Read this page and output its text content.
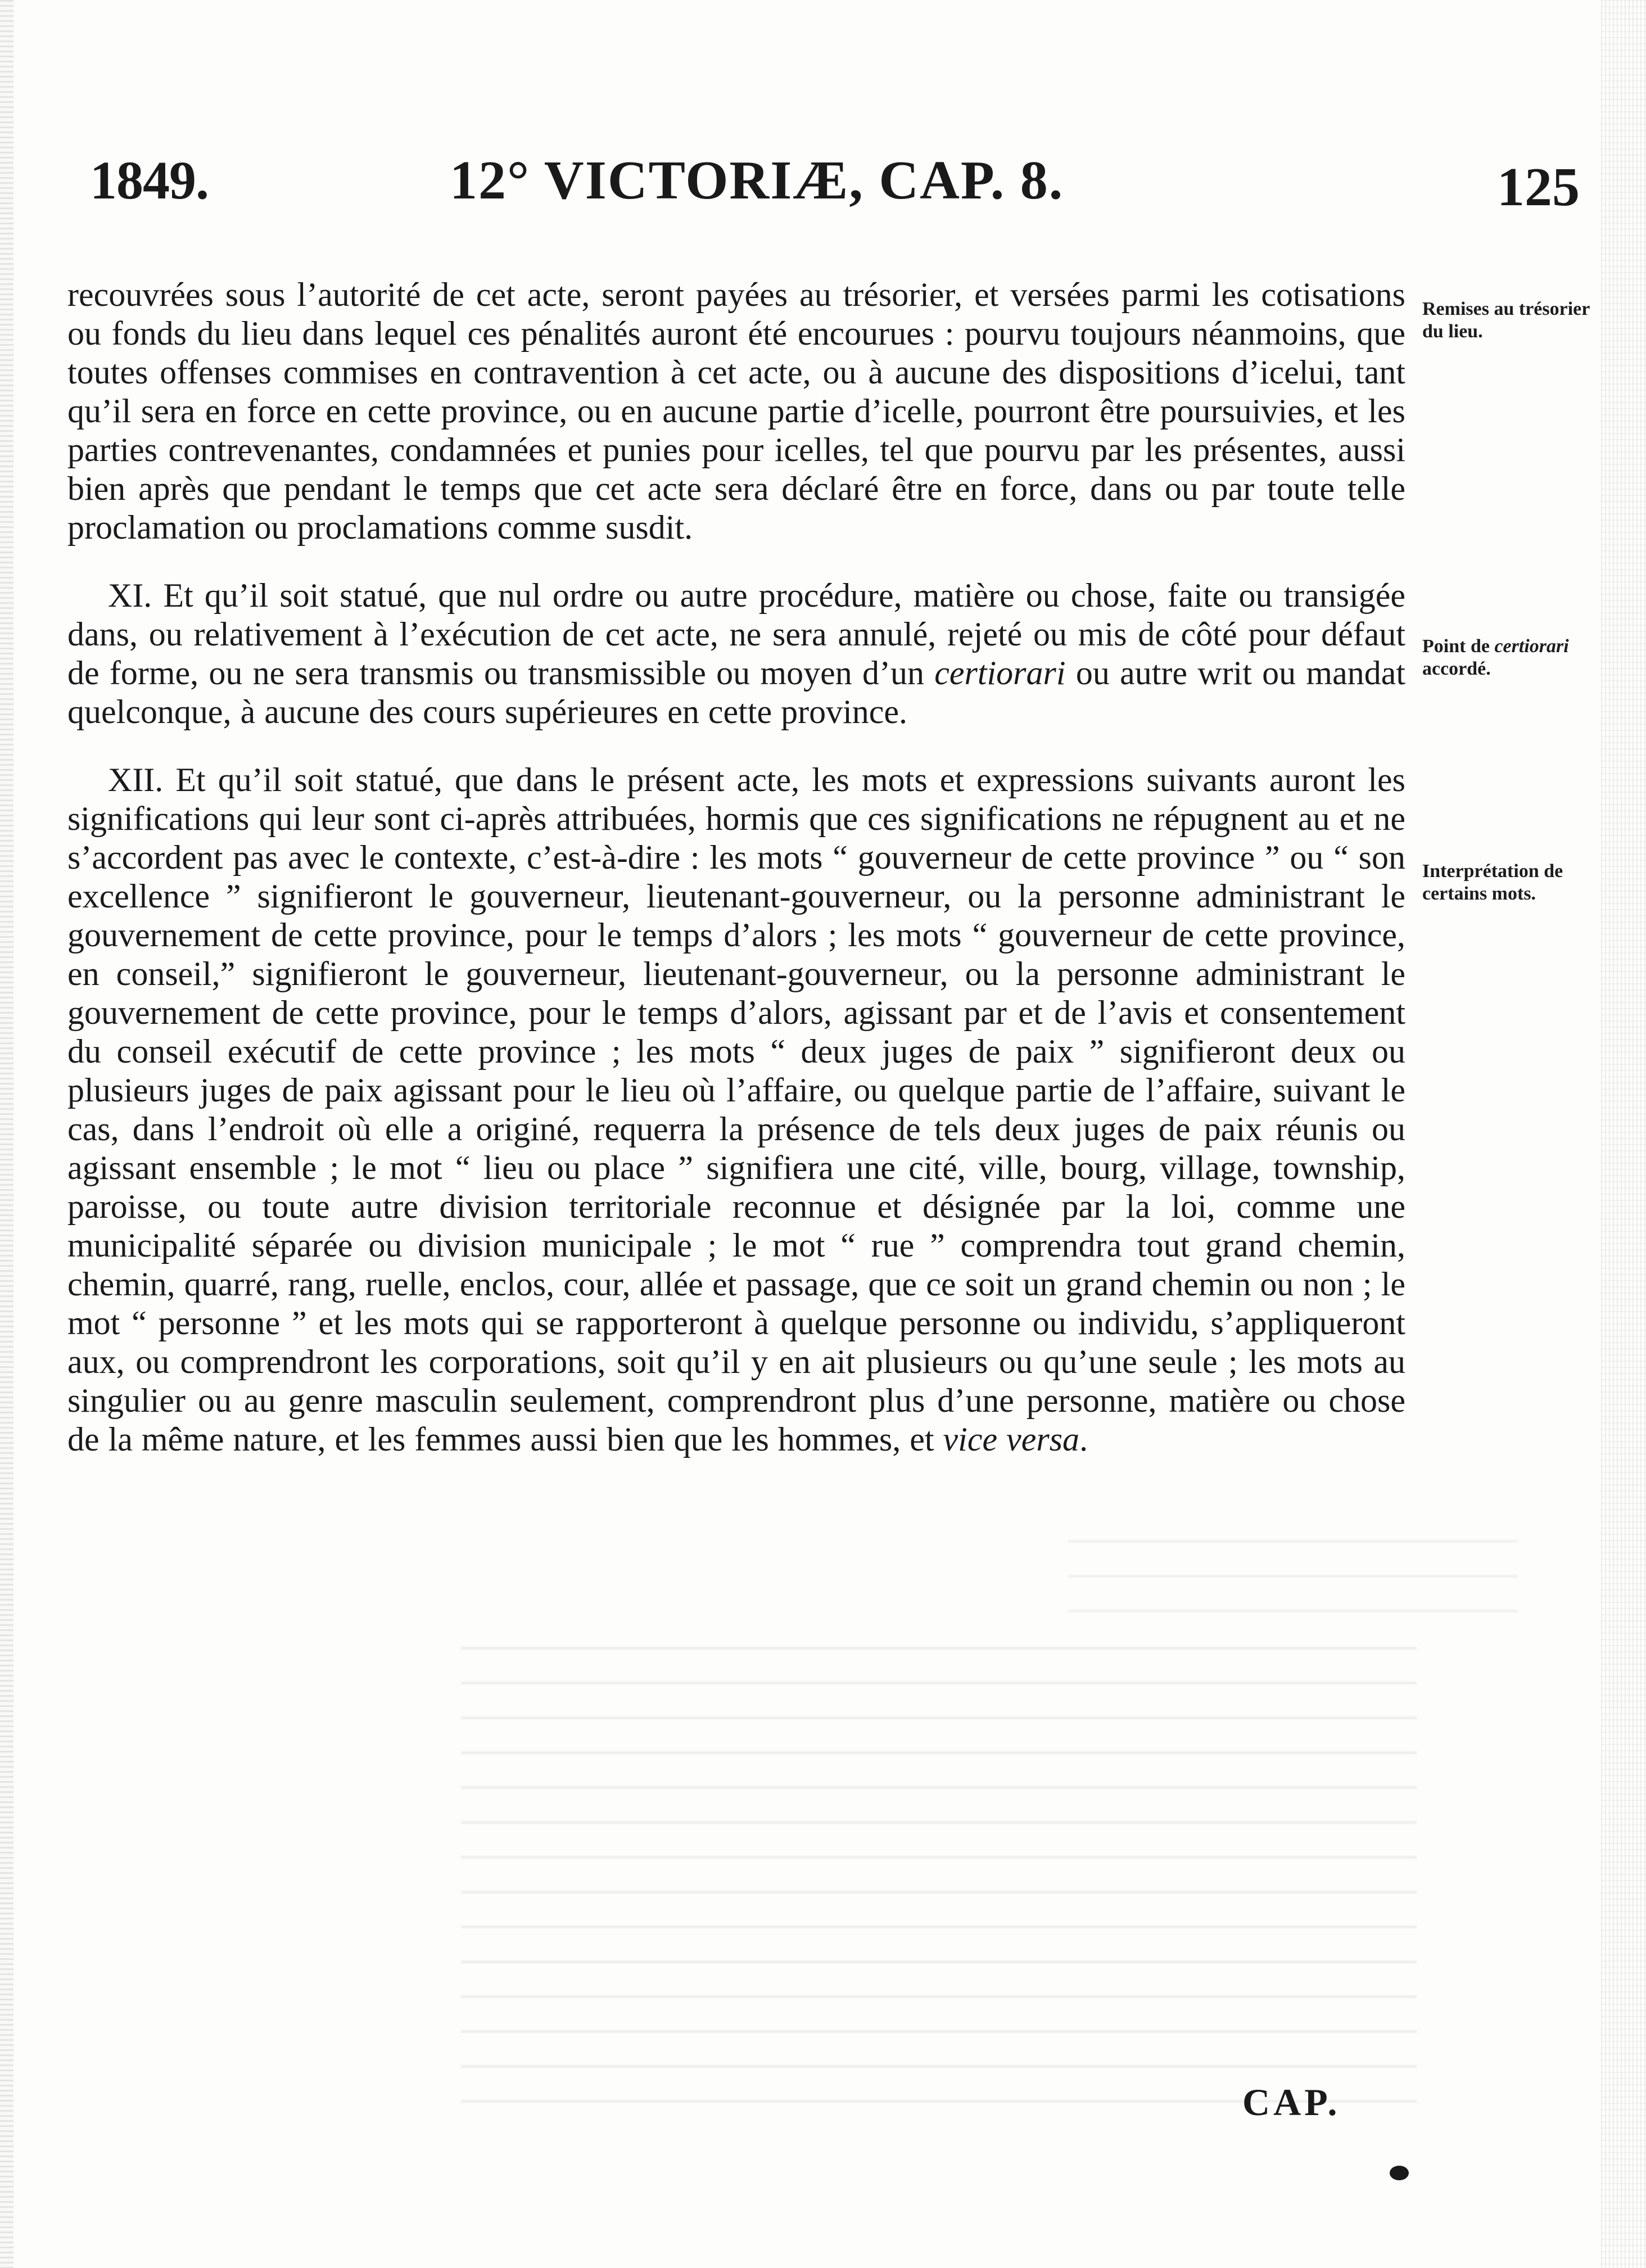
1849.	12° VICTORIÆ, CAP. 8.	125

recouvrées sous l’autorité de cet acte, seront payées au trésorier, et versées parmi les cotisations ou fonds du lieu dans lequel ces pénalités auront été encourues : pourvu toujours néanmoins, que toutes offenses commises en contravention à cet acte, ou à aucune des dispositions d’icelui, tant qu’il sera en force en cette province, ou en aucune partie d’icelle, pourront être poursuivies, et les parties contrevenantes, condamnées et punies pour icelles, tel que pourvu par les présentes, aussi bien après que pendant le temps que cet acte sera déclaré être en force, dans ou par toute telle proclamation ou proclamations comme susdit.

XI. Et qu’il soit statué, que nul ordre ou autre procédure, matière ou chose, faite ou transigée dans, ou relativement à l’exécution de cet acte, ne sera annulé, rejeté ou mis de côté pour défaut de forme, ou ne sera transmis ou transmissible ou moyen d’un certiorari ou autre writ ou mandat quelconque, à aucune des cours supérieures en cette province.

XII. Et qu’il soit statué, que dans le présent acte, les mots et expressions suivants auront les significations qui leur sont ci-après attribuées, hormis que ces significations ne répugnent au et ne s’accordent pas avec le contexte, c’est-à-dire : les mots “ gouverneur de cette province ” ou “ son excellence ” signifieront le gouverneur, lieutenant-gouverneur, ou la personne administrant le gouvernement de cette province, pour le temps d’alors ; les mots “ gouverneur de cette province, en conseil,” signifieront le gouverneur, lieutenant-gouverneur, ou la personne administrant le gouvernement de cette province, pour le temps d’alors, agissant par et de l’avis et consentement du conseil exécutif de cette province ; les mots “ deux juges de paix ” signifieront deux ou plusieurs juges de paix agissant pour le lieu où l’affaire, ou quelque partie de l’affaire, suivant le cas, dans l’endroit où elle a originé, requerra la présence de tels deux juges de paix réunis ou agissant ensemble ; le mot “ lieu ou place ” signifiera une cité, ville, bourg, village, township, paroisse, ou toute autre division territoriale reconnue et désignée par la loi, comme une municipalité séparée ou division municipale ; le mot “ rue ” comprendra tout grand chemin, chemin, quarré, rang, ruelle, enclos, cour, allée et passage, que ce soit un grand chemin ou non ; le mot “ personne ” et les mots qui se rapporteront à quelque personne ou individu, s’appliqueront aux, ou comprendront les corporations, soit qu’il y en ait plusieurs ou qu’une seule ; les mots au singulier ou au genre masculin seulement, comprendront plus d’une personne, matière ou chose de la même nature, et les femmes aussi bien que les hommes, et vice versa.

Remises au trésorier du lieu.
Point de certiorari accordé.
Interprétation de certains mots.
CAP.
